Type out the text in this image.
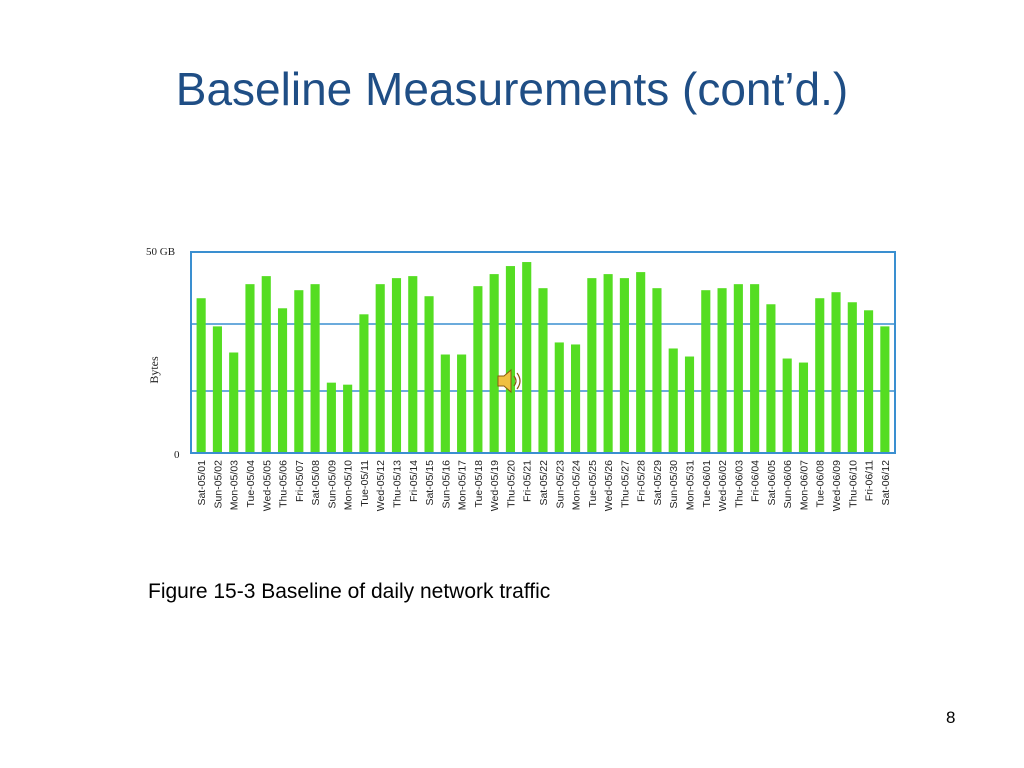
Baseline Measurements (cont’d.)
50 GB
0
Bytes
Sat-05/01 Sun-05/02 Mon-05/03 Tue-05/04 Wed-05/05 Thu-05/06 Fri-05/07 Sat-05/08 Sun-05/09 Mon-05/10 Tue-05/11 Wed-05/12 Thu-05/13 Fri-05/14 Sat-05/15 Sun-05/16 Mon-05/17 Tue-05/18 Wed-05/19 Thu-05/20 Fri-05/21 Sat-05/22 Sun-05/23 Mon-05/24 Tue-05/25 Wed-05/26 Thu-05/27 Fri-05/28 Sat-05/29 Sun-05/30 Mon-05/31 Tue-06/01 Wed-06/02 Thu-06/03 Fri-06/04 Sat-06/05 Sun-06/06 Mon-06/07 Tue-06/08 Wed-06/09 Thu-06/10 Fri-06/11 Sat-06/12
Figure 15-3 Baseline of daily network traffic
8
